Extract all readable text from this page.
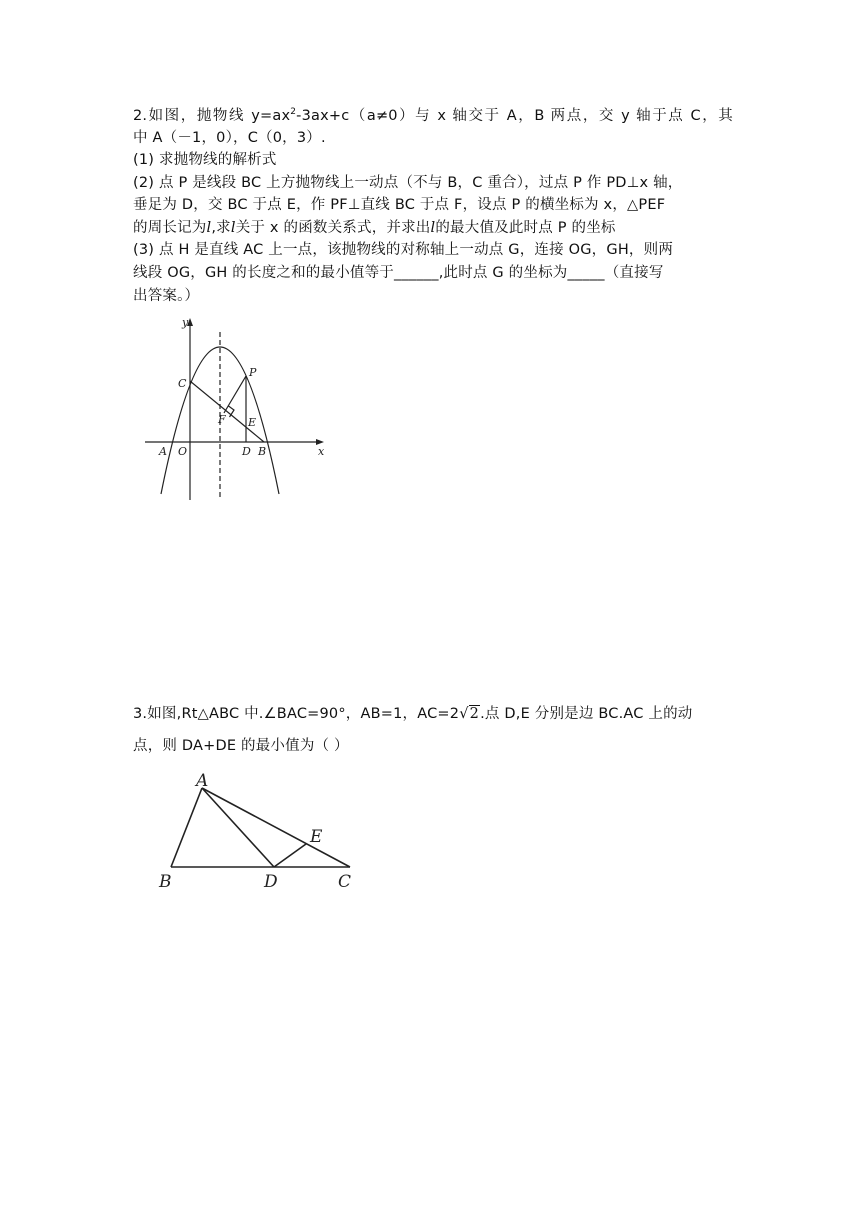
2.如图，抛物线 $y=ax^2-3ax+c(a\ne 0)$与 x 轴交于 A，B 两点，交 y 轴于点 C，其
中 A（－1，0），C（0，3）.
(1) 求抛物线的解析式
(2) 点 P 是线段 BC 上方抛物线上一动点（不与 B，C 重合），过点 P 作 PD⊥x 轴，
垂足为 D，交 BC 于点 E，作 PF⊥直线 BC 于点 F，设点 P 的横坐标为 x，△PEF
的周长记为l,求l关于 x 的函数关系式，并求出l的最大值及此时点 P 的坐标
(3) 点 H 是直线 AC 上一点，该抛物线的对称轴上一动点 G，连接 OG，GH，则两
线段 OG，GH 的长度之和的最小值等于______,此时点 G 的坐标为_____（直接写
出答案。）
y
x
A O
C
P
F E
D B
3.如图,Rt△ABC 中.∠BAC=90°，AB=1，AC=2√2.点 D,E 分别是边 BC.AC 上的动
点，则 DA+DE 的最小值为（ ）
A
B	D	C
E
